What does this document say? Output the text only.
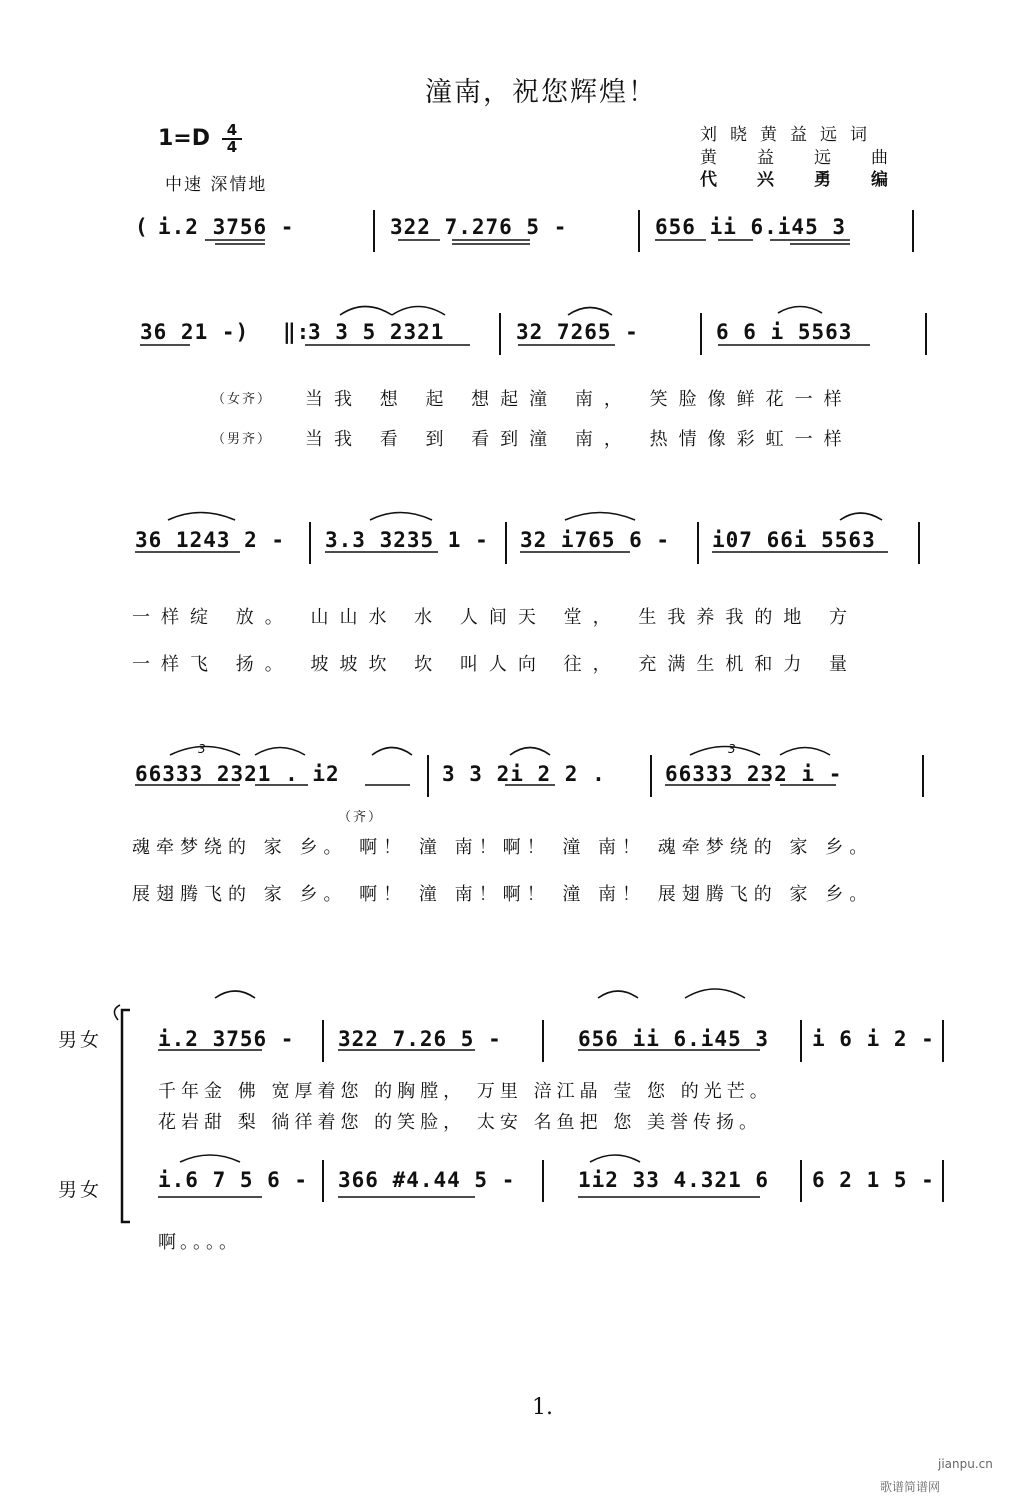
潼南，祝您辉煌！
1=D	4
4
中速 深情地
刘晓黄益远词
黄益远曲
代兴勇编
( i.2 3756 -	322 7.276 5 -	656 ii 6.i45 3
36 21 -) ‖:
3 3 5 2321	32 7265 -	6 6 i 5563
（女齐） 当我 想 起 想起潼 南， 笑脸像鲜花一样
（男齐） 当我 看 到 看到潼 南， 热情像彩虹一样
36 1243 2 - 3.3 3235 1 - 32 i765 6 - i07 66i 5563
一样绽 放。 山山水 水 人间天 堂， 生我养我的地 方
一样飞 扬。 坡坡坎 坎 叫人向 往， 充满生机和力 量
3	3
66333 2321 . i2	3 3 2i 2 2 .	66333 232 i -
（齐）
魂牵梦绕的 家 乡。 啊！ 潼 南！啊！ 潼 南！ 魂牵梦绕的 家 乡。
展翅腾飞的 家 乡。 啊！ 潼 南！啊！ 潼 南！ 展翅腾飞的 家 乡。
男女	i.2 3756 - 322 7.26 5 -	656 ii 6.i45 3 i 6 i 2 -
千年金 佛 宽厚着您 的胸膛， 万里 涪江晶 莹 您 的光芒。
花岩甜 梨 徜徉着您 的笑脸， 太安 名鱼把 您 美誉传扬。
男女	i.6 7 5 6 - 366 #4.44 5 -	1i2 33 4.321 6 6 2 1 5 -
啊。。。。
1.
jianpu.cn
歌谱简谱网
